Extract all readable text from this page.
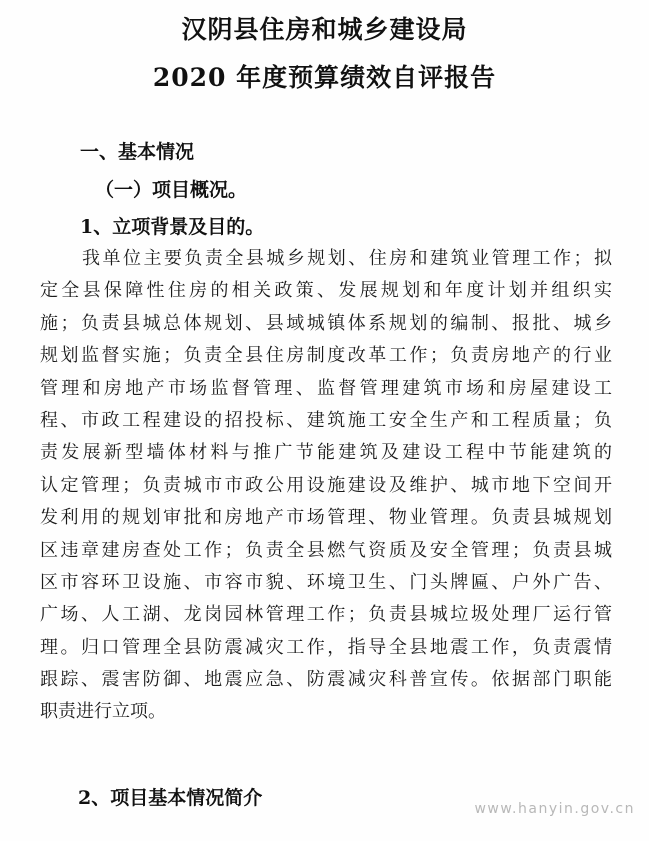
汉阴县住房和城乡建设局
2020 年度预算绩效自评报告
一、基本情况
（一）项目概况。
1、立项背景及目的。
我单位主要负责全县城乡规划、住房和建筑业管理工作；拟
定全县保障性住房的相关政策、发展规划和年度计划并组织实
施；负责县城总体规划、县域城镇体系规划的编制、报批、城乡
规划监督实施；负责全县住房制度改革工作；负责房地产的行业
管理和房地产市场监督管理、监督管理建筑市场和房屋建设工
程、市政工程建设的招投标、建筑施工安全生产和工程质量；负
责发展新型墙体材料与推广节能建筑及建设工程中节能建筑的
认定管理；负责城市市政公用设施建设及维护、城市地下空间开
发利用的规划审批和房地产市场管理、物业管理。负责县城规划
区违章建房查处工作；负责全县燃气资质及安全管理；负责县城
区市容环卫设施、市容市貌、环境卫生、门头牌匾、户外广告、
广场、人工湖、龙岗园林管理工作；负责县城垃圾处理厂运行管
理。归口管理全县防震减灾工作，指导全县地震工作，负责震情
跟踪、震害防御、地震应急、防震减灾科普宣传。依据部门职能
职责进行立项。
2、项目基本情况简介	www.hanyin.gov.cn
